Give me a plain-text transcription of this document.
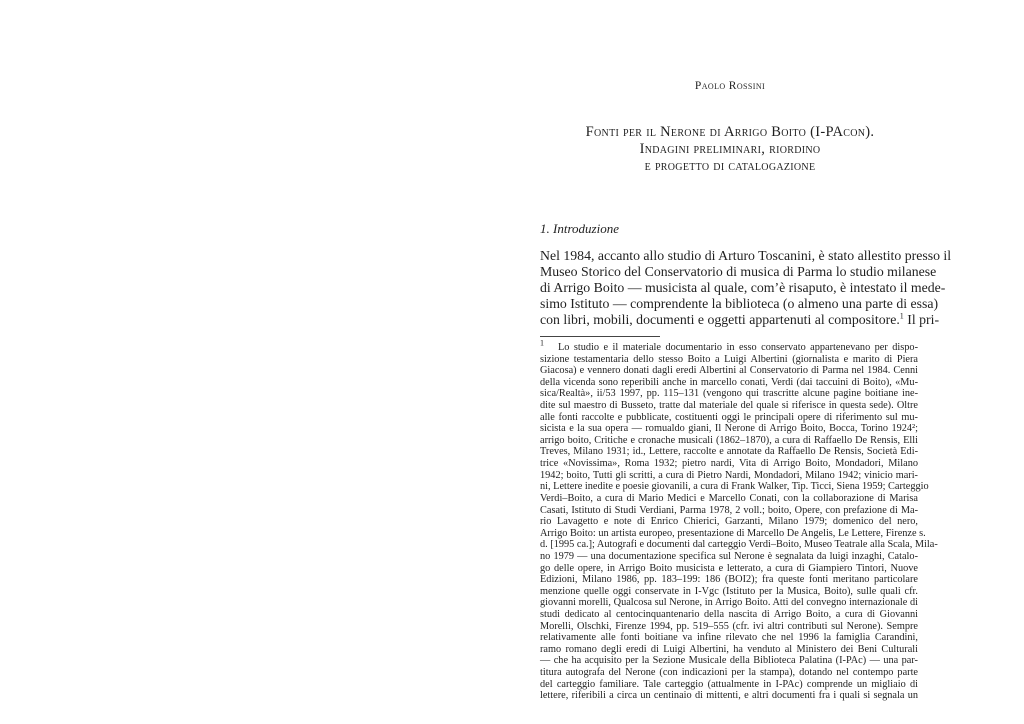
Paolo Rossini
Fonti per il Nerone di Arrigo Boito (I-PAcon).
Indagini preliminari, riordino
e progetto di catalogazione
1. Introduzione
Nel 1984, accanto allo studio di Arturo Toscanini, è stato allestito presso il
Museo Storico del Conservatorio di musica di Parma lo studio milanese
di Arrigo Boito — musicista al quale, com’è risaputo, è intestato il mede-
simo Istituto — comprendente la biblioteca (o almeno una parte di essa)
con libri, mobili, documenti e oggetti appartenuti al compositore.$^1$ Il pri-
$^1$ Lo studio e il materiale documentario in esso conservato appartenevano per dispo-
sizione testamentaria dello stesso Boito a Luigi Albertini (giornalista e marito di Piera
Giacosa) e vennero donati dagli eredi Albertini al Conservatorio di Parma nel 1984. Cenni
della vicenda sono reperibili anche in marcello conati, Verdi (dai taccuini di Boito), «Mu-
sica/Realtà», ii/53 1997, pp. 115–131 (vengono qui trascritte alcune pagine boitiane ine-
dite sul maestro di Busseto, tratte dal materiale del quale si riferisce in questa sede). Oltre
alle fonti raccolte e pubblicate, costituenti oggi le principali opere di riferimento sul mu-
sicista e la sua opera — romualdo giani, Il Nerone di Arrigo Boito, Bocca, Torino 1924²;
arrigo boito, Critiche e cronache musicali (1862–1870), a cura di Raffaello De Rensis, Elli
Treves, Milano 1931; id., Lettere, raccolte e annotate da Raffaello De Rensis, Società Edi-
trice «Novissima», Roma 1932; pietro nardi, Vita di Arrigo Boito, Mondadori, Milano
1942; boito, Tutti gli scritti, a cura di Pietro Nardi, Mondadori, Milano 1942; vinicio mari-
ni, Lettere inedite e poesie giovanili, a cura di Frank Walker, Tip. Ticci, Siena 1959; Carteggio
Verdi–Boito, a cura di Mario Medici e Marcello Conati, con la collaborazione di Marisa
Casati, Istituto di Studi Verdiani, Parma 1978, 2 voll.; boito, Opere, con prefazione di Ma-
rio Lavagetto e note di Enrico Chierici, Garzanti, Milano 1979; domenico del nero,
Arrigo Boito: un artista europeo, presentazione di Marcello De Angelis, Le Lettere, Firenze s.
d. [1995 ca.]; Autografi e documenti dal carteggio Verdi–Boito, Museo Teatrale alla Scala, Mila-
no 1979 — una documentazione specifica sul Nerone è segnalata da luigi inzaghi, Catalo-
go delle opere, in Arrigo Boito musicista e letterato, a cura di Giampiero Tintori, Nuove
Edizioni, Milano 1986, pp. 183–199: 186 (BOI2); fra queste fonti meritano particolare
menzione quelle oggi conservate in I-Vgc (Istituto per la Musica, Boito), sulle quali cfr.
giovanni morelli, Qualcosa sul Nerone, in Arrigo Boito. Atti del convegno internazionale di
studi dedicato al centocinquantenario della nascita di Arrigo Boito, a cura di Giovanni
Morelli, Olschki, Firenze 1994, pp. 519–555 (cfr. ivi altri contributi sul Nerone). Sempre
relativamente alle fonti boitiane va infine rilevato che nel 1996 la famiglia Carandini,
ramo romano degli eredi di Luigi Albertini, ha venduto al Ministero dei Beni Culturali
— che ha acquisito per la Sezione Musicale della Biblioteca Palatina (I-PAc) — una par-
titura autografa del Nerone (con indicazioni per la stampa), dotando nel contempo parte
del carteggio familiare. Tale carteggio (attualmente in I-PAc) comprende un migliaio di
lettere, riferibili a circa un centinaio di mittenti, e altri documenti fra i quali si segnala un
